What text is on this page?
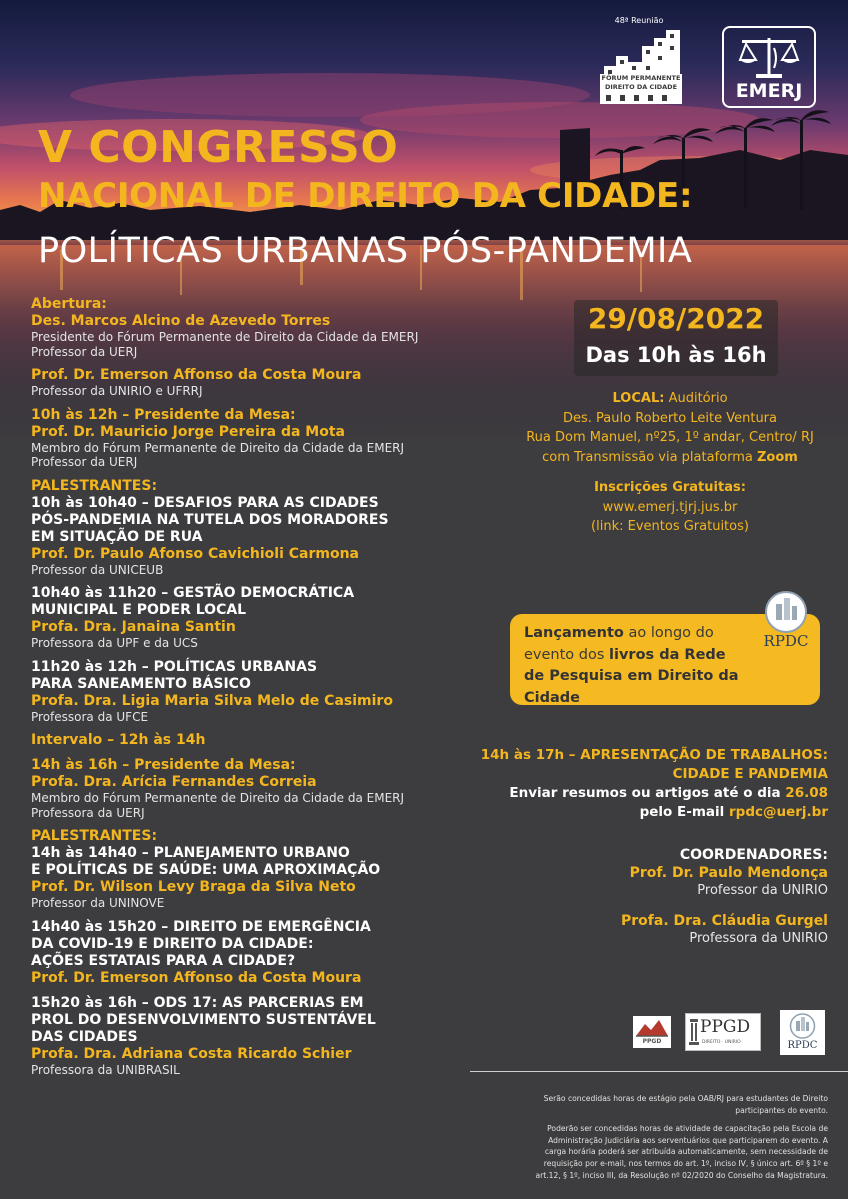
48ª Reunião
FÓRUM PERMANENTE
DIREITO DA CIDADE	EMERJ
V CONGRESSO
NACIONAL DE DIREITO DA CIDADE:
POLÍTICAS URBANAS PÓS-PANDEMIA
29/08/2022
Das 10h às 16h
LOCAL: Auditório
Des. Paulo Roberto Leite Ventura
Rua Dom Manuel, nº25, 1º andar, Centro/ RJ
com Transmissão via plataforma Zoom
Inscrições Gratuitas:
www.emerj.tjrj.jus.br
(link: Eventos Gratuitos)
Lançamento ao longo do
evento dos livros da Rede
de Pesquisa em Direito da Cidade
RPDC
Abertura:
Des. Marcos Alcino de Azevedo Torres
Presidente do Fórum Permanente de Direito da Cidade da EMERJ
Professor da UERJ
Prof. Dr. Emerson Affonso da Costa Moura
Professor da UNIRIO e UFRRJ
10h às 12h – Presidente da Mesa:
Prof. Dr. Mauricio Jorge Pereira da Mota
Membro do Fórum Permanente de Direito da Cidade da EMERJ
Professor da UERJ
PALESTRANTES:
10h às 10h40 – DESAFIOS PARA AS CIDADES
PÓS-PANDEMIA NA TUTELA DOS MORADORES
EM SITUAÇÃO DE RUA
Prof. Dr. Paulo Afonso Cavichioli Carmona
Professor da UNICEUB
10h40 às 11h20 – GESTÃO DEMOCRÁTICA
MUNICIPAL E PODER LOCAL
Profa. Dra. Janaina Santin
Professora da UPF e da UCS
11h20 às 12h – POLÍTICAS URBANAS
PARA SANEAMENTO BÁSICO
Profa. Dra. Ligia Maria Silva Melo de Casimiro
Professora da UFCE
Intervalo – 12h às 14h
14h às 16h – Presidente da Mesa:
Profa. Dra. Arícia Fernandes Correia
Membro do Fórum Permanente de Direito da Cidade da EMERJ
Professora da UERJ
PALESTRANTES:
14h às 14h40 – PLANEJAMENTO URBANO
E POLÍTICAS DE SAÚDE: UMA APROXIMAÇÃO
Prof. Dr. Wilson Levy Braga da Silva Neto
Professor da UNINOVE
14h40 às 15h20 – DIREITO DE EMERGÊNCIA
DA COVID-19 E DIREITO DA CIDADE:
AÇÕES ESTATAIS PARA A CIDADE?
Prof. Dr. Emerson Affonso da Costa Moura
15h20 às 16h – ODS 17: AS PARCERIAS EM
PROL DO DESENVOLVIMENTO SUSTENTÁVEL
DAS CIDADES
Profa. Dra. Adriana Costa Ricardo Schier
Professora da UNIBRASIL
14h às 17h – APRESENTAÇÃO DE TRABALHOS:
CIDADE E PANDEMIA
Enviar resumos ou artigos até o dia 26.08
pelo E-mail rpdc@uerj.br
COORDENADORES:
Prof. Dr. Paulo Mendonça
Professor da UNIRIO
Profa. Dra. Cláudia Gurgel
Professora da UNIRIO
PPGD
PPGD
DIREITO · UNIRIO	RPDC

Serão concedidas horas de estágio pela OAB/RJ para estudantes de Direito
participantes do evento.

Poderão ser concedidas horas de atividade de capacitação pela Escola de
Administração Judiciária aos serventuários que participarem do evento. A
carga horária poderá ser atribuída automaticamente, sem necessidade de
requisição por e-mail, nos termos do art. 1º, inciso IV, § único art. 6º § 1º e
art.12, § 1º, inciso III, da Resolução nº 02/2020 do Conselho da Magistratura.
